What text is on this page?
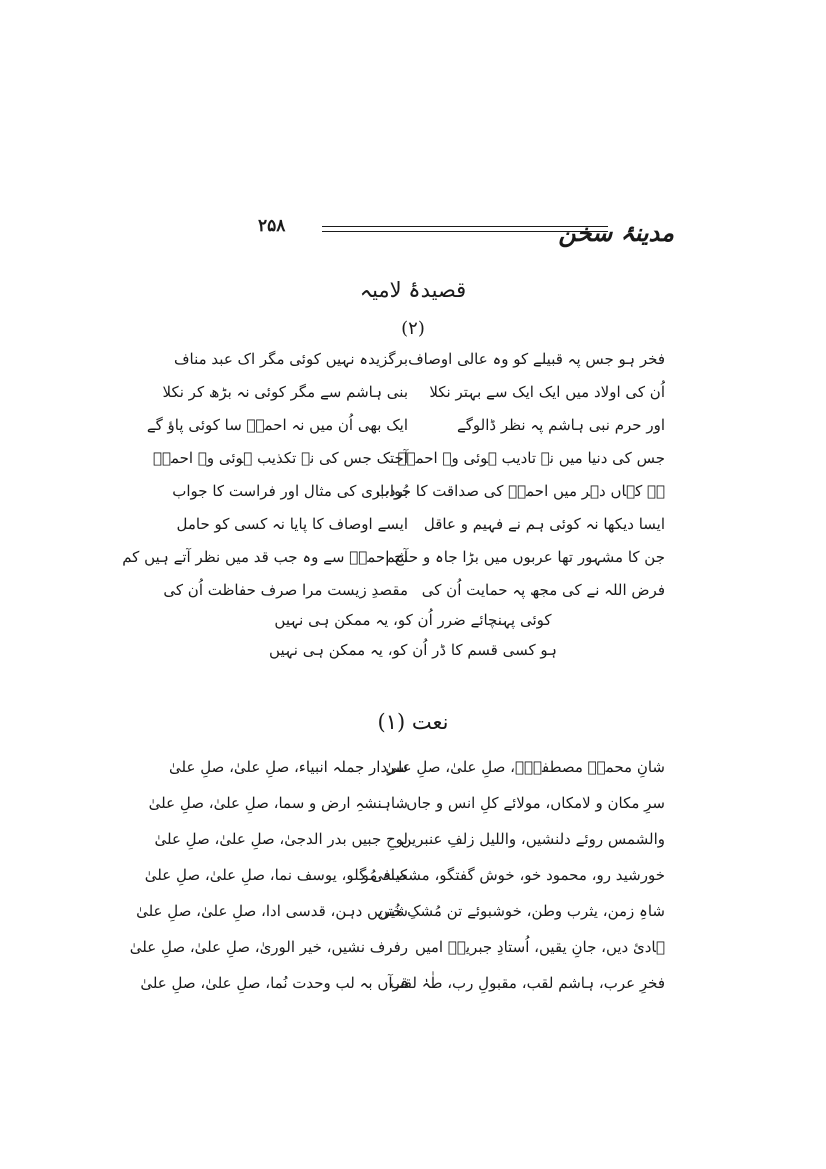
مدینۂ سخن
۲۵۸
قصیدۂ لامیہ
(۲)
فخر ہو جس پہ قبیلے کو وہ عالی اوصاف
برگزیدہ نہیں کوئی مگر اک عبد مناف
اُن کی اولاد میں ایک ایک سے بہتر نکلا
بنی ہاشم سے مگر کوئی نہ بڑھ کر نکلا
اور حرم نبی ہاشم پہ نظر ڈالوگے
ایک بھی اُن میں نہ احمدؐ سا کوئی پاؤ گے
جس کی دنیا میں نہ تادیب ہوئی وہ احمدؐ
آجتک جس کی نہ تکذیب ہوئی وہ احمدؐ
ہے کہاں دہر میں احمدؐ کی صداقت کا جواب
بُردباری کی مثال اور فراست کا جواب
ایسا دیکھا نہ کوئی ہم نے فہیم و عاقل
ایسے اوصاف کا پایا نہ کسی کو حامل
جن کا مشہور تھا عربوں میں بڑا جاہ و حشم
آج احمدؐ سے وہ جب قد میں نظر آتے ہیں کم
فرض اللہ نے کی مجھ پہ حمایت اُن کی
مقصدِ زیست مرا صرف حفاظت اُن کی
کوئی پہنچائے ضرر اُن کو، یہ ممکن ہی نہیں
ہو کسی قسم کا ڈر اُن کو، یہ ممکن ہی نہیں
نعت (۱)
شانِ محمدؐ مصطفیٰؐ، صلِ علیٰ، صلِ علیٰ
سردار جملہ انبیاء، صلِ علیٰ، صلِ علیٰ
سرِ مکان و لامکاں، مولائے کلِ انس و جاں
شاہنشہِ ارض و سما، صلِ علیٰ، صلِ علیٰ
والشمس روئے دلنشیں، واللیل زلفِ عنبریں
لوحِ جبیں بدر الدجیٰ، صلِ علیٰ، صلِ علیٰ
خورشید رو، محمود خو، خوش گفتگو، مشکینہ مُو
صافی گلو، یوسف نما، صلِ علیٰ، صلِ علیٰ
شاہِ زمن، یثرب وطن، خوشبوئے تن مُشکِ خُتن
شیریں دہن، قدسی ادا، صلِ علیٰ، صلِ علیٰ
ہادیٔ دیں، جانِ یقیں، اُستادِ جبریلؑ امیں
رفرف نشیں، خیر الوریٰ، صلِ علیٰ، صلِ علیٰ
فخرِ عرب، ہاشم لقب، مقبولِ رب، طٰہٰ لقب
قرآں بہ لب وحدت نُما، صلِ علیٰ، صلِ علیٰ
